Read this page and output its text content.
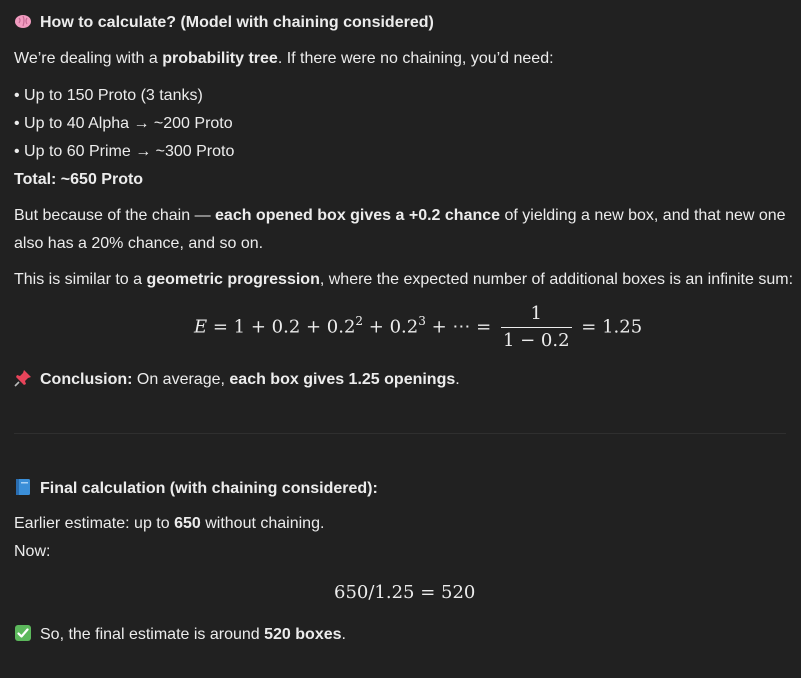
How to calculate? (Model with chaining considered)
We’re dealing with a probability tree. If there were no chaining, you’d need:
• Up to 150 Proto (3 tanks)
• Up to 40 Alpha → ~200 Proto
• Up to 60 Prime → ~300 Proto
Total: ~650 Proto
But because of the chain — each opened box gives a +0.2 chance of yielding a new box, and that new one
also has a 20% chance, and so on.
This is similar to a geometric progression, where the expected number of additional boxes is an infinite sum:
$E = 1 + 0.2 + 0.2^2 + 0.2^3$ + ⋯ = $\frac{1}{1 - 0.2} = 1.25$
Conclusion: On average, each box gives 1.25 openings.
Final calculation (with chaining considered):
Earlier estimate: up to 650 without chaining.
Now:
650/1.25 = 520
So, the final estimate is around 520 boxes.
